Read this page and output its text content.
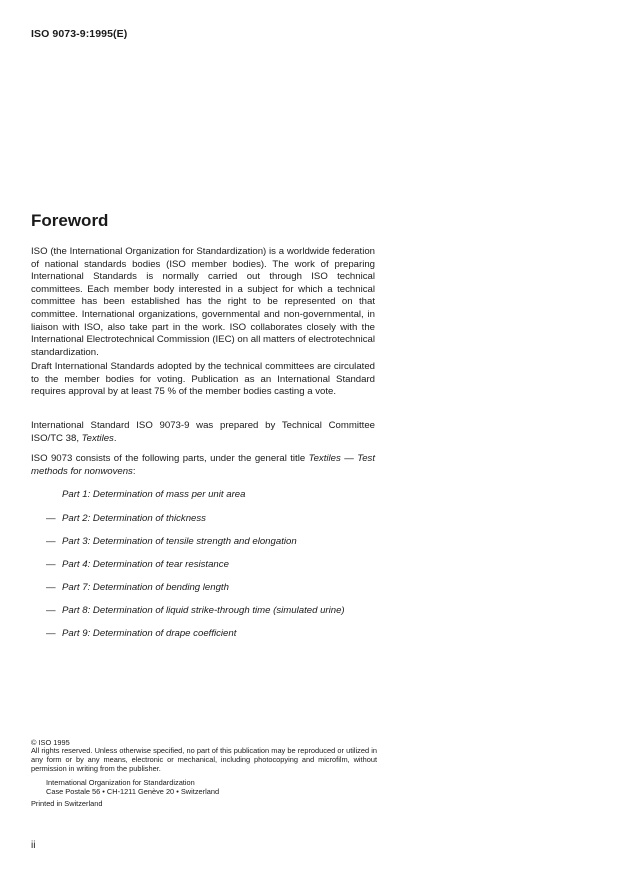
ISO 9073-9:1995(E)
Foreword

ISO (the International Organization for Standardization) is a worldwide federation of national standards bodies (ISO member bodies). The work of preparing International Standards is normally carried out through ISO technical committees. Each member body interested in a subject for which a technical committee has been established has the right to be represented on that committee. International organizations, governmental and non-governmental, in liaison with ISO, also take part in the work. ISO collaborates closely with the International Electrotechnical Commission (IEC) on all matters of electrotechnical standardization.

Draft International Standards adopted by the technical committees are circulated to the member bodies for voting. Publication as an International Standard requires approval by at least 75 % of the member bodies casting a vote.

International Standard ISO 9073-9 was prepared by Technical Committee ISO/TC 38, Textiles.

ISO 9073 consists of the following parts, under the general title Textiles — Test methods for nonwovens:

Part 1: Determination of mass per unit area
— Part 2: Determination of thickness
— Part 3: Determination of tensile strength and elongation
— Part 4: Determination of tear resistance
— Part 7: Determination of bending length
— Part 8: Determination of liquid strike-through time (simulated urine)
— Part 9: Determination of drape coefficient
© ISO 1995
All rights reserved. Unless otherwise specified, no part of this publication may be reproduced or utilized in any form or by any means, electronic or mechanical, including photocopying and microfilm, without permission in writing from the publisher.
International Organization for Standardization
Case Postale 56 • CH-1211 Genève 20 • Switzerland
Printed in Switzerland
ii
